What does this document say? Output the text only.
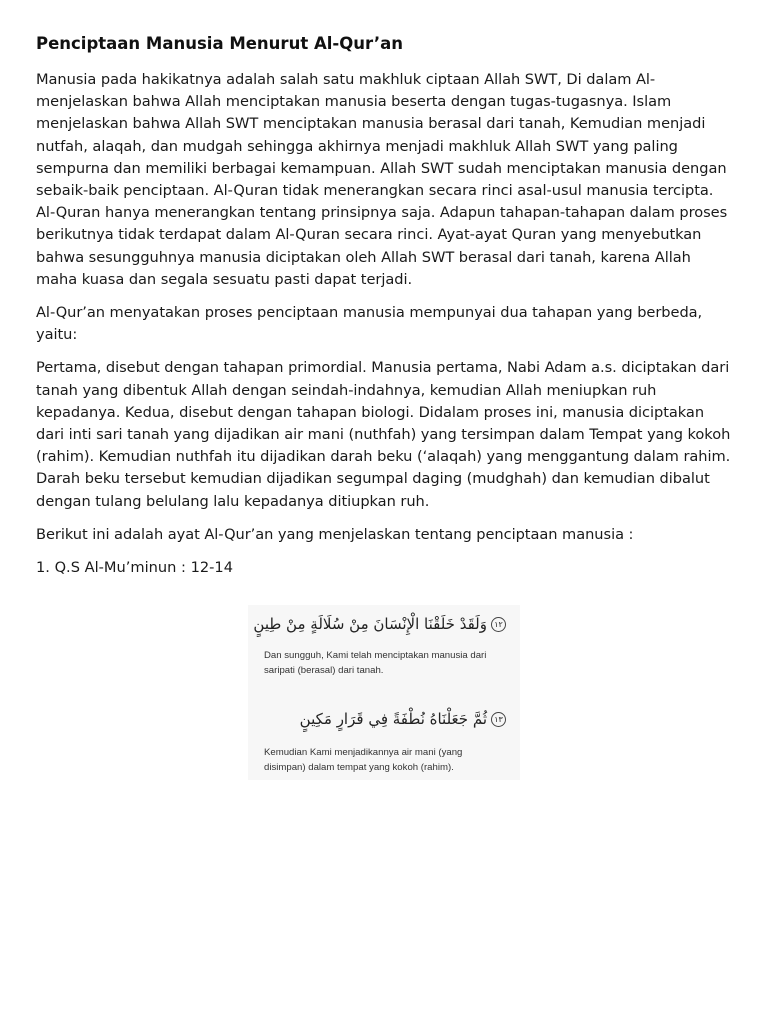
Penciptaan Manusia Menurut Al-Qur’an

Manusia pada hakikatnya adalah salah satu makhluk ciptaan Allah SWT, Di dalam Al-menjelaskan bahwa Allah menciptakan manusia beserta dengan tugas-tugasnya. Islam menjelaskan bahwa Allah SWT menciptakan manusia berasal dari tanah, Kemudian menjadi nutfah, alaqah, dan mudgah sehingga akhirnya menjadi makhluk Allah SWT yang paling sempurna dan memiliki berbagai kemampuan. Allah SWT sudah menciptakan manusia dengan sebaik-baik penciptaan. Al-Quran tidak menerangkan secara rinci asal-usul manusia tercipta. Al-Quran hanya menerangkan tentang prinsipnya saja. Adapun tahapan-tahapan dalam proses berikutnya tidak terdapat dalam Al-Quran secara rinci. Ayat-ayat Quran yang menyebutkan bahwa sesungguhnya manusia diciptakan oleh Allah SWT berasal dari tanah, karena Allah maha kuasa dan segala sesuatu pasti dapat terjadi.

Al-Qur’an menyatakan proses penciptaan manusia mempunyai dua tahapan yang berbeda, yaitu:

Pertama, disebut dengan tahapan primordial. Manusia pertama, Nabi Adam a.s. diciptakan dari tanah yang dibentuk Allah dengan seindah-indahnya, kemudian Allah meniupkan ruh kepadanya. Kedua, disebut dengan tahapan biologi. Didalam proses ini, manusia diciptakan dari inti sari tanah yang dijadikan air mani (nuthfah) yang tersimpan dalam Tempat yang kokoh (rahim). Kemudian nuthfah itu dijadikan darah beku (‘alaqah) yang menggantung dalam rahim. Darah beku tersebut kemudian dijadikan segumpal daging (mudghah) dan kemudian dibalut dengan tulang belulang lalu kepadanya ditiupkan ruh.

Berikut ini adalah ayat Al-Qur’an yang menjelaskan tentang penciptaan manusia :

1. Q.S Al-Mu’minun : 12-14

١٢وَلَقَدْ خَلَقْنَا الْإِنْسَانَ مِنْ سُلَالَةٍ مِنْ طِينٍ
Dan sungguh, Kami telah menciptakan manusia dari saripati (berasal) dari tanah.
١٣ثُمَّ جَعَلْنَاهُ نُطْفَةً فِي قَرَارٍ مَكِينٍ
Kemudian Kami menjadikannya air mani (yang disimpan) dalam tempat yang kokoh (rahim).
